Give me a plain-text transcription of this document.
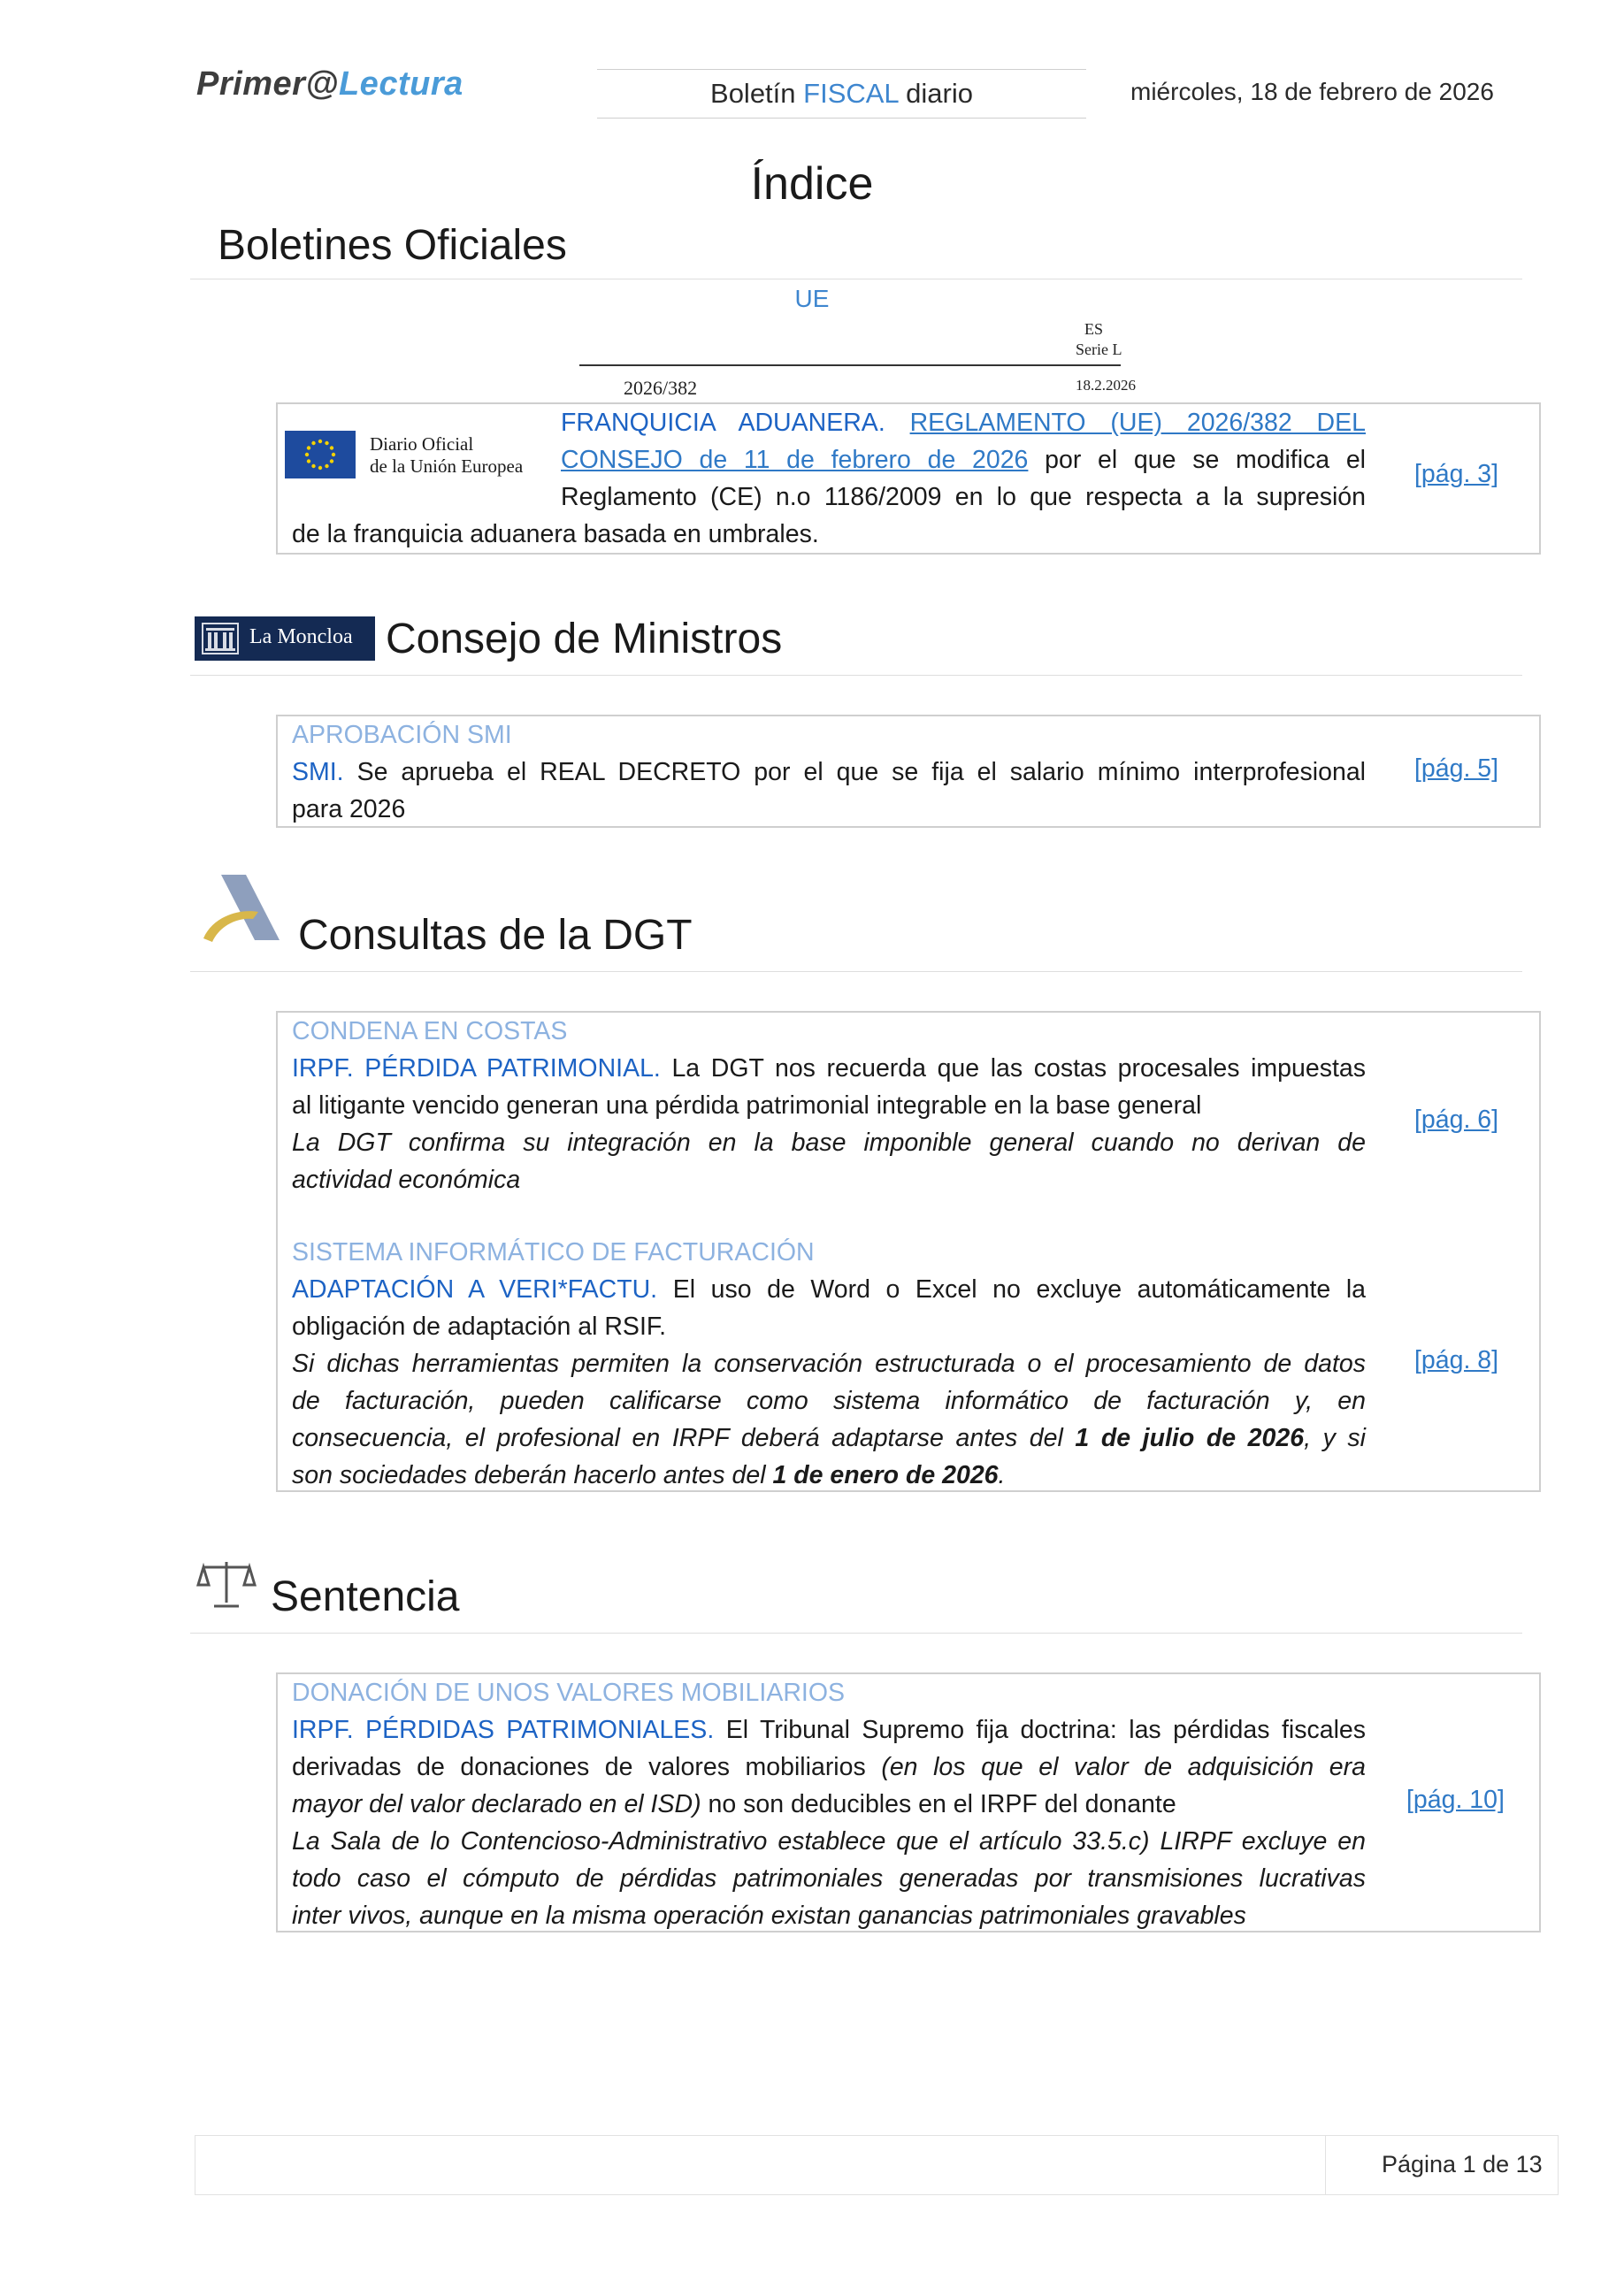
Primer@Lectura	Boletín FISCAL diario	miércoles, 18 de febrero de 2026
Índice
Boletines Oficiales
UE
ES
Serie L
2026/382	18.2.2026
Diario Oficial
de la Unión Europea
FRANQUICIA ADUANERA. REGLAMENTO (UE) 2026/382 DEL
CONSEJO de 11 de febrero de 2026 por el que se modifica el
Reglamento (CE) n.o 1186/2009 en lo que respecta a la supresión
de la franquicia aduanera basada en umbrales.
[pág. 3]
La Moncloa Consejo de Ministros
APROBACIÓN SMI
SMI. Se aprueba el REAL DECRETO por el que se fija el salario mínimo interprofesional
para 2026
[pág. 5]
Consultas de la DGT
CONDENA EN COSTAS
IRPF. PÉRDIDA PATRIMONIAL. La DGT nos recuerda que las costas procesales impuestas
al litigante vencido generan una pérdida patrimonial integrable en la base general
La DGT confirma su integración en la base imponible general cuando no derivan de
actividad económica
[pág. 6]
SISTEMA INFORMÁTICO DE FACTURACIÓN
ADAPTACIÓN A VERI*FACTU. El uso de Word o Excel no excluye automáticamente la
obligación de adaptación al RSIF.
Si dichas herramientas permiten la conservación estructurada o el procesamiento de datos
de facturación, pueden calificarse como sistema informático de facturación y, en
consecuencia, el profesional en IRPF deberá adaptarse antes del 1 de julio de 2026, y si
son sociedades deberán hacerlo antes del 1 de enero de 2026.
[pág. 8]
Sentencia
DONACIÓN DE UNOS VALORES MOBILIARIOS
IRPF. PÉRDIDAS PATRIMONIALES. El Tribunal Supremo fija doctrina: las pérdidas fiscales
derivadas de donaciones de valores mobiliarios (en los que el valor de adquisición era
mayor del valor declarado en el ISD) no son deducibles en el IRPF del donante
La Sala de lo Contencioso-Administrativo establece que el artículo 33.5.c) LIRPF excluye en
todo caso el cómputo de pérdidas patrimoniales generadas por transmisiones lucrativas
inter vivos, aunque en la misma operación existan ganancias patrimoniales gravables
[pág. 10]
Página 1 de 13
